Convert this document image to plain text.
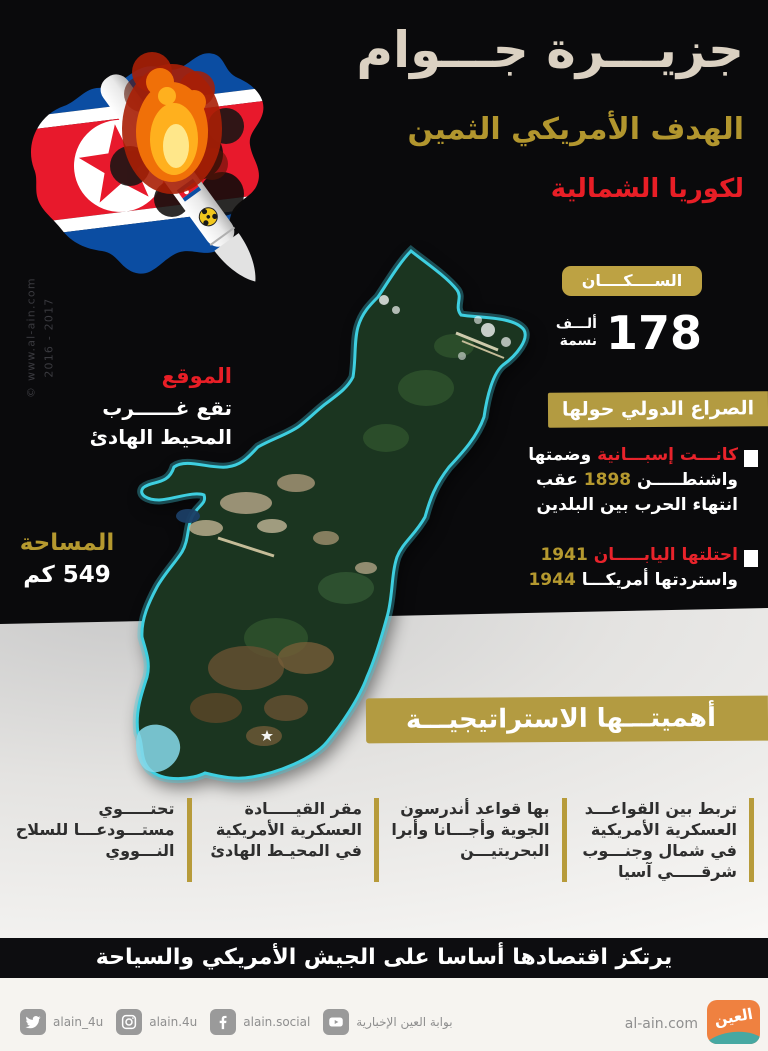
جزيـــرة جـــوام
الهدف الأمريكي الثمين
لكوريا الشمالية
© www.al-ain.com 2016 - 2017
الســــكــــان
178
ألـــف
نسمة
الصراع الدولي حولها
كانـــت إسبـــانية وضمتها
واشنطـــــن 1898 عقب
انتهاء الحرب بين البلدين
احتلتها اليابـــــان 1941
واستردتها أمريكـــا 1944
الموقع
تقع غــــــرب
المحيط الهادئ
المساحة
549 كم
أهميتـــها الاستراتيجيـــة
تربط بين القواعـــد العسكرية الأمريكية في شمال وجنـــوب شرقـــــي آسيا
بها قواعد أندرسون الجوية وأجـــانا وأبرا البحريتيـــن
مقر القيـــــادة العسكرية الأمريكية في المحيـط الهادئ
تحتـــــوي مستـــودعـــا للسلاح النـــووي
يرتكز اقتصادها أساسا على الجيش الأمريكي والسياحة
alain_4u	alain.4u	alain.social	بوابة العين الإخبارية	al-ain.com العين
